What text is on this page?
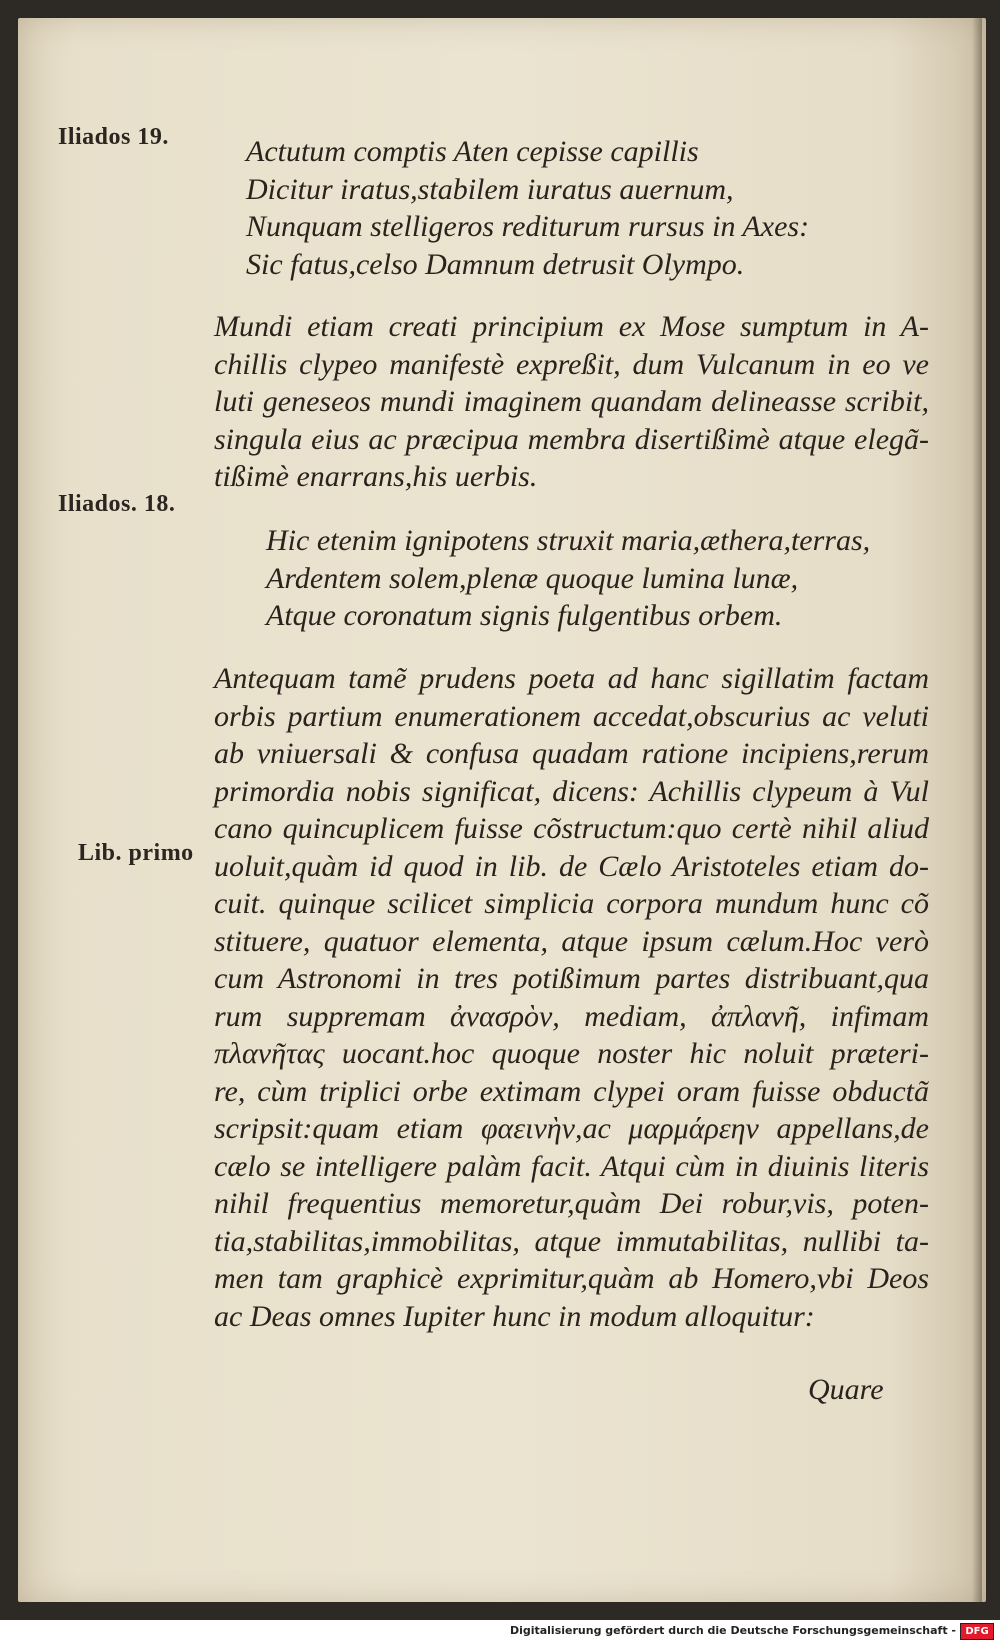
Iliados 19.
Iliados. 18.
Lib. primo
Actutum comptis Aten cepisse capillis
Dicitur iratus,stabilem iuratus auernum,
Nunquam stelligeros rediturum rursus in Axes:
Sic fatus,celso Damnum detrusit Olympo.
Mundi etiam creati principium ex Mose sumptum in A-
chillis clypeo manifestè expreßit, dum Vulcanum in eo ve
luti geneseos mundi imaginem quandam delineasse scribit,
singula eius ac præcipua membra disertißimè atque elegã-
tißimè enarrans,his uerbis.
Hic etenim ignipotens struxit maria,æthera,terras,
Ardentem solem,plenæ quoque lumina lunæ,
Atque coronatum signis fulgentibus orbem.
Antequam tamẽ prudens poeta ad hanc sigillatim factam
orbis partium enumerationem accedat,obscurius ac veluti
ab vniuersali & confusa quadam ratione incipiens,rerum
primordia nobis significat, dicens: Achillis clypeum à Vul
cano quincuplicem fuisse cõstructum:quo certè nihil aliud
uoluit,quàm id quod in lib. de Cælo Aristoteles etiam do-
cuit. quinque scilicet simplicia corpora mundum hunc cõ
stituere, quatuor elementa, atque ipsum cælum.Hoc verò
cum Astronomi in tres potißimum partes distribuant,qua
rum suppremam ἀνασρὸν, mediam, ἀπλανῆ, infimam
πλανῆτας uocant.hoc quoque noster hic noluit præteri-
re, cùm triplici orbe extimam clypei oram fuisse obductã
scripsit:quam etiam φαεινὴν,ac μαρμάρεην appellans,de
cælo se intelligere palàm facit. Atqui cùm in diuinis literis
nihil frequentius memoretur,quàm Dei robur,vis, poten-
tia,stabilitas,immobilitas, atque immutabilitas, nullibi ta-
men tam graphicè exprimitur,quàm ab Homero,vbi Deos
ac Deas omnes Iupiter hunc in modum alloquitur:
Quare
Digitalisierung gefördert durch die Deutsche Forschungsgemeinschaft - DFG
